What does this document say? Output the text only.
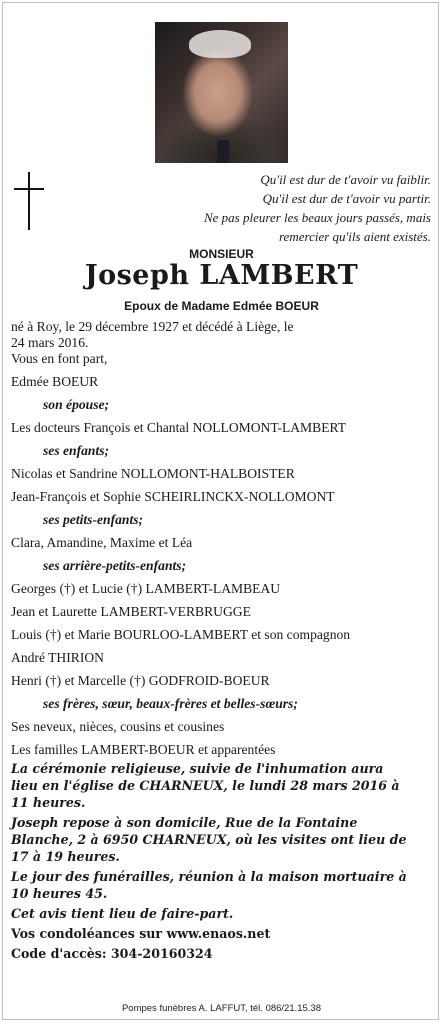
Qu'il est dur de t'avoir vu faiblir.
Qu'il est dur de t'avoir vu partir.
Ne pas pleurer les beaux jours passés, mais
remercier qu'ils aient existés.
MONSIEUR
Joseph LAMBERT
Epoux de Madame Edmée BOEUR
né à Roy, le 29 décembre 1927 et décédé à Liège, le
24 mars 2016.
Vous en font part,
Edmée BOEUR
son épouse;
Les docteurs François et Chantal NOLLOMONT-LAMBERT
ses enfants;
Nicolas et Sandrine NOLLOMONT-HALBOISTER
Jean-François et Sophie SCHEIRLINCKX-NOLLOMONT
ses petits-enfants;
Clara, Amandine, Maxime et Léa
ses arrière-petits-enfants;
Georges (†) et Lucie (†) LAMBERT-LAMBEAU
Jean et Laurette LAMBERT-VERBRUGGE
Louis (†) et Marie BOURLOO-LAMBERT et son compagnon
André THIRION
Henri (†) et Marcelle (†) GODFROID-BOEUR
ses frères, sœur, beaux-frères et belles-sœurs;
Ses neveux, nièces, cousins et cousines
Les familles LAMBERT-BOEUR et apparentées
La cérémonie religieuse, suivie de l'inhumation aura
lieu en l'église de CHARNEUX, le lundi 28 mars 2016 à
11 heures.
Joseph repose à son domicile, Rue de la Fontaine
Blanche, 2 à 6950 CHARNEUX, où les visites ont lieu de
17 à 19 heures.
Le jour des funérailles, réunion à la maison mortuaire à
10 heures 45.
Cet avis tient lieu de faire-part.
Vos condoléances sur www.enaos.net
Code d'accès: 304-20160324
Pompes funèbres A. LAFFUT, tél. 086/21.15.38
